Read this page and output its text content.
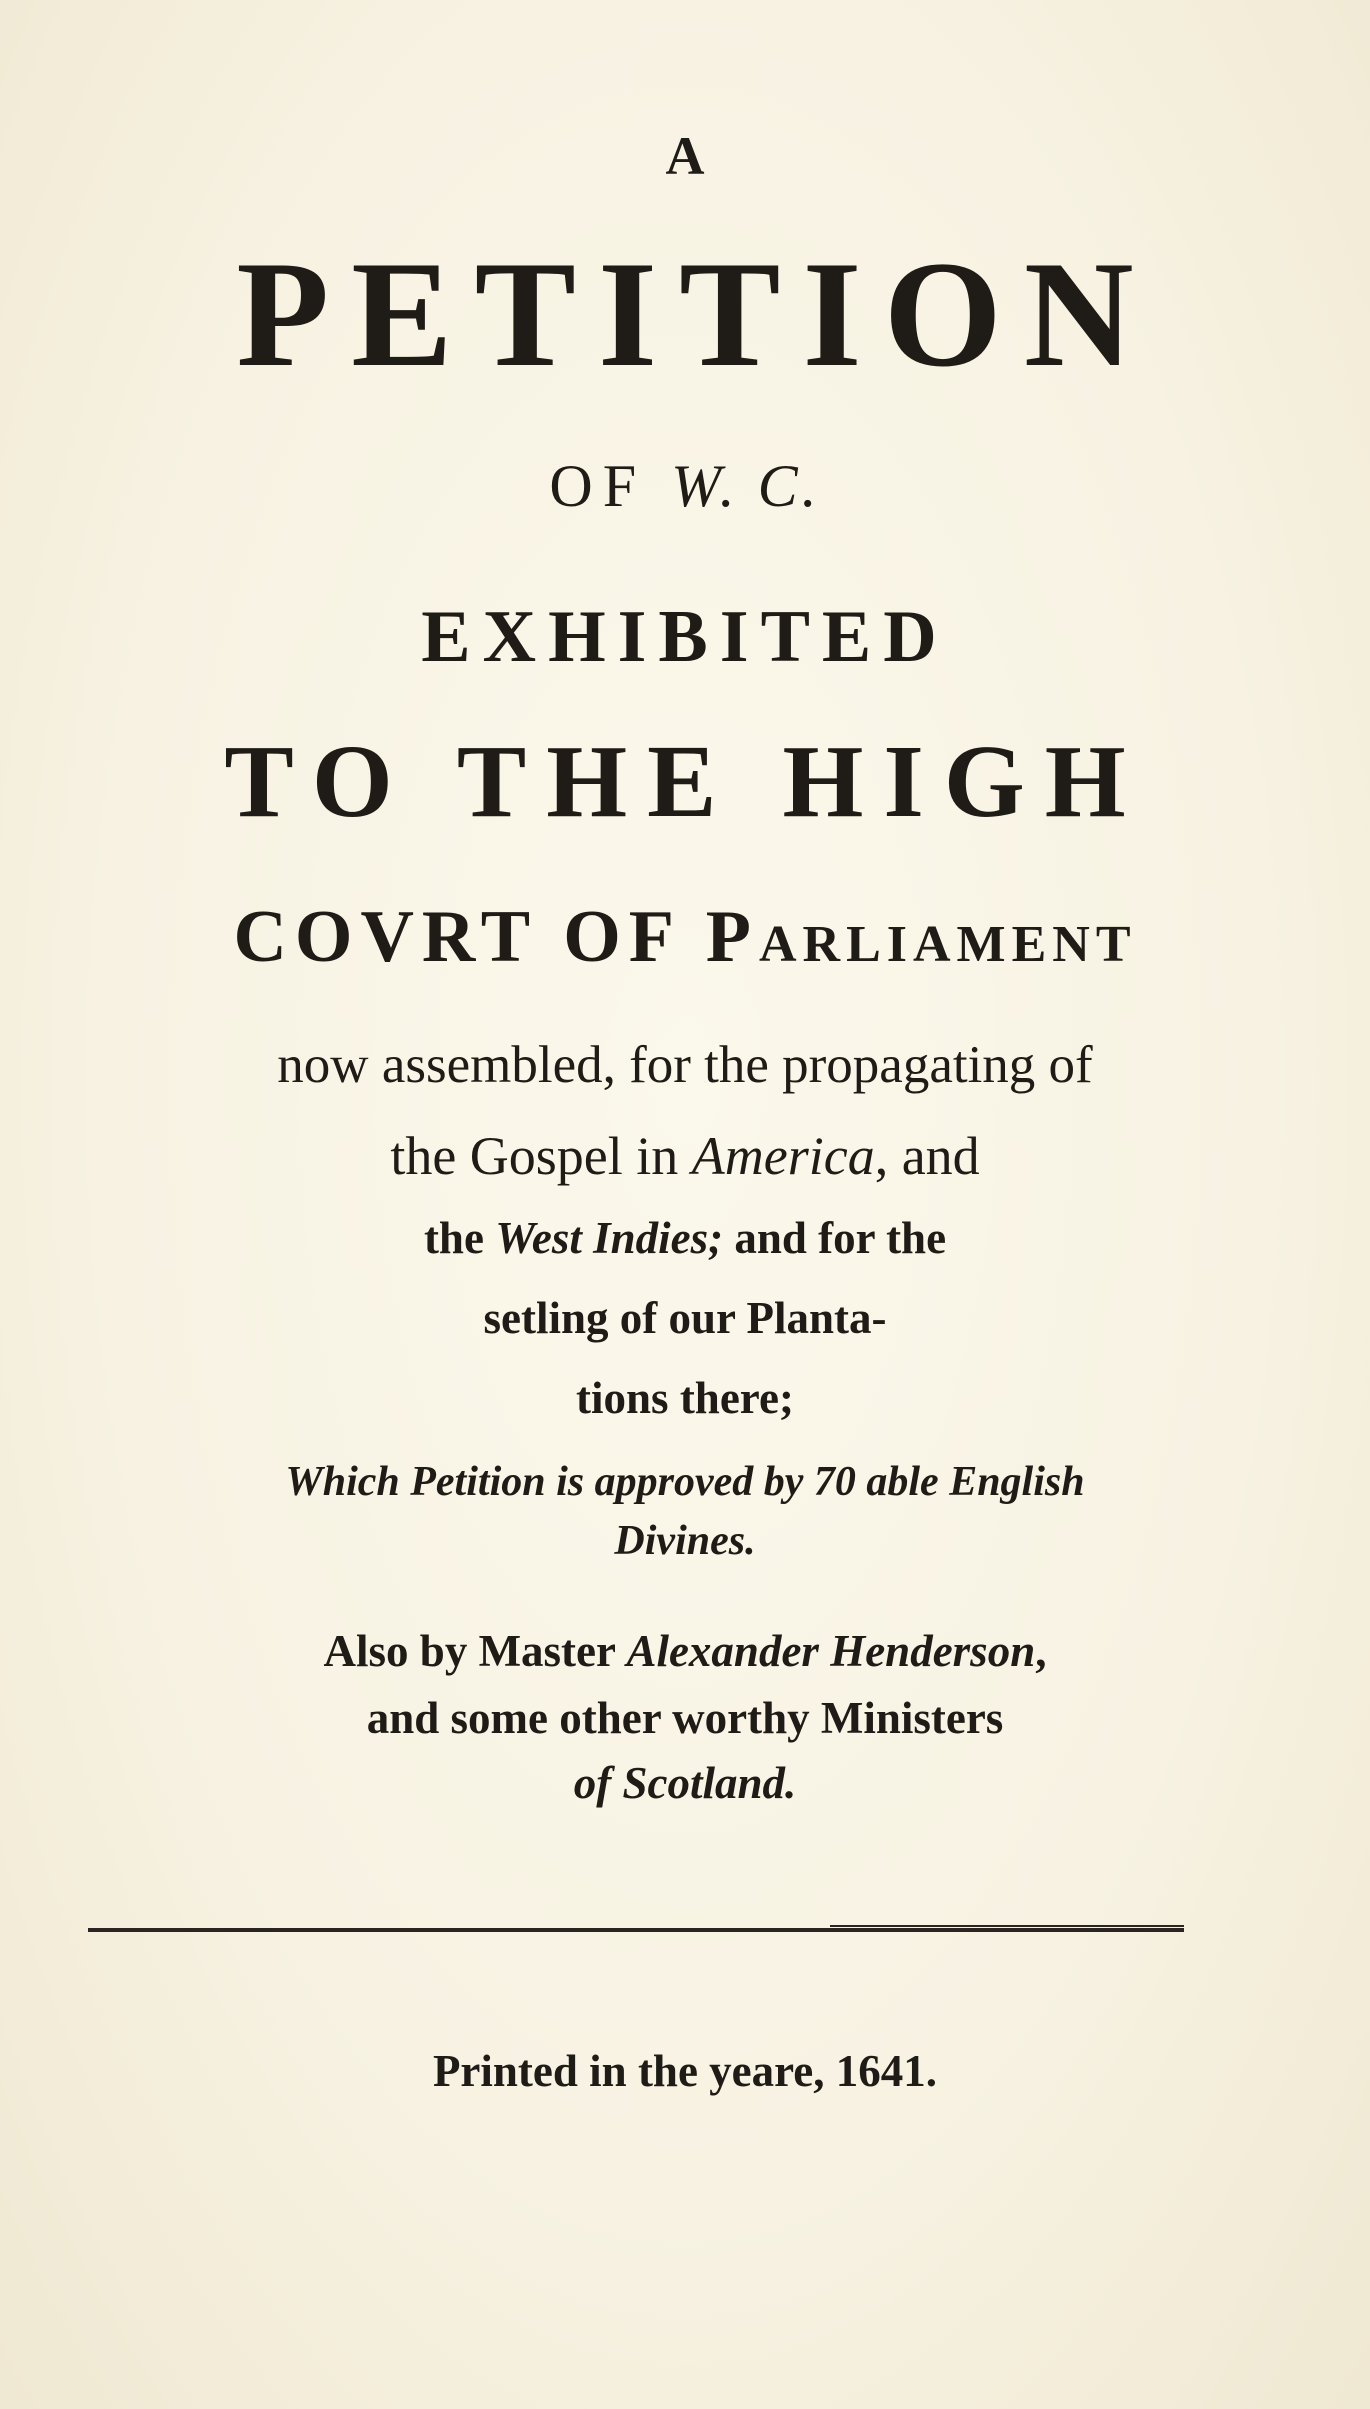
A
PETITION
OF W. C.
EXHIBITED
TO THE HIGH
COVRT OF PARLIAMENT
now assembled, for the propagating of
the Gospel in America, and
the West Indies; and for the
setling of our Planta-
tions there;
Which Petition is approved by 70 able English
Divines.
Also by Master Alexander Henderson,
and some other worthy Ministers
of Scotland.
Printed in the yeare, 1641.
